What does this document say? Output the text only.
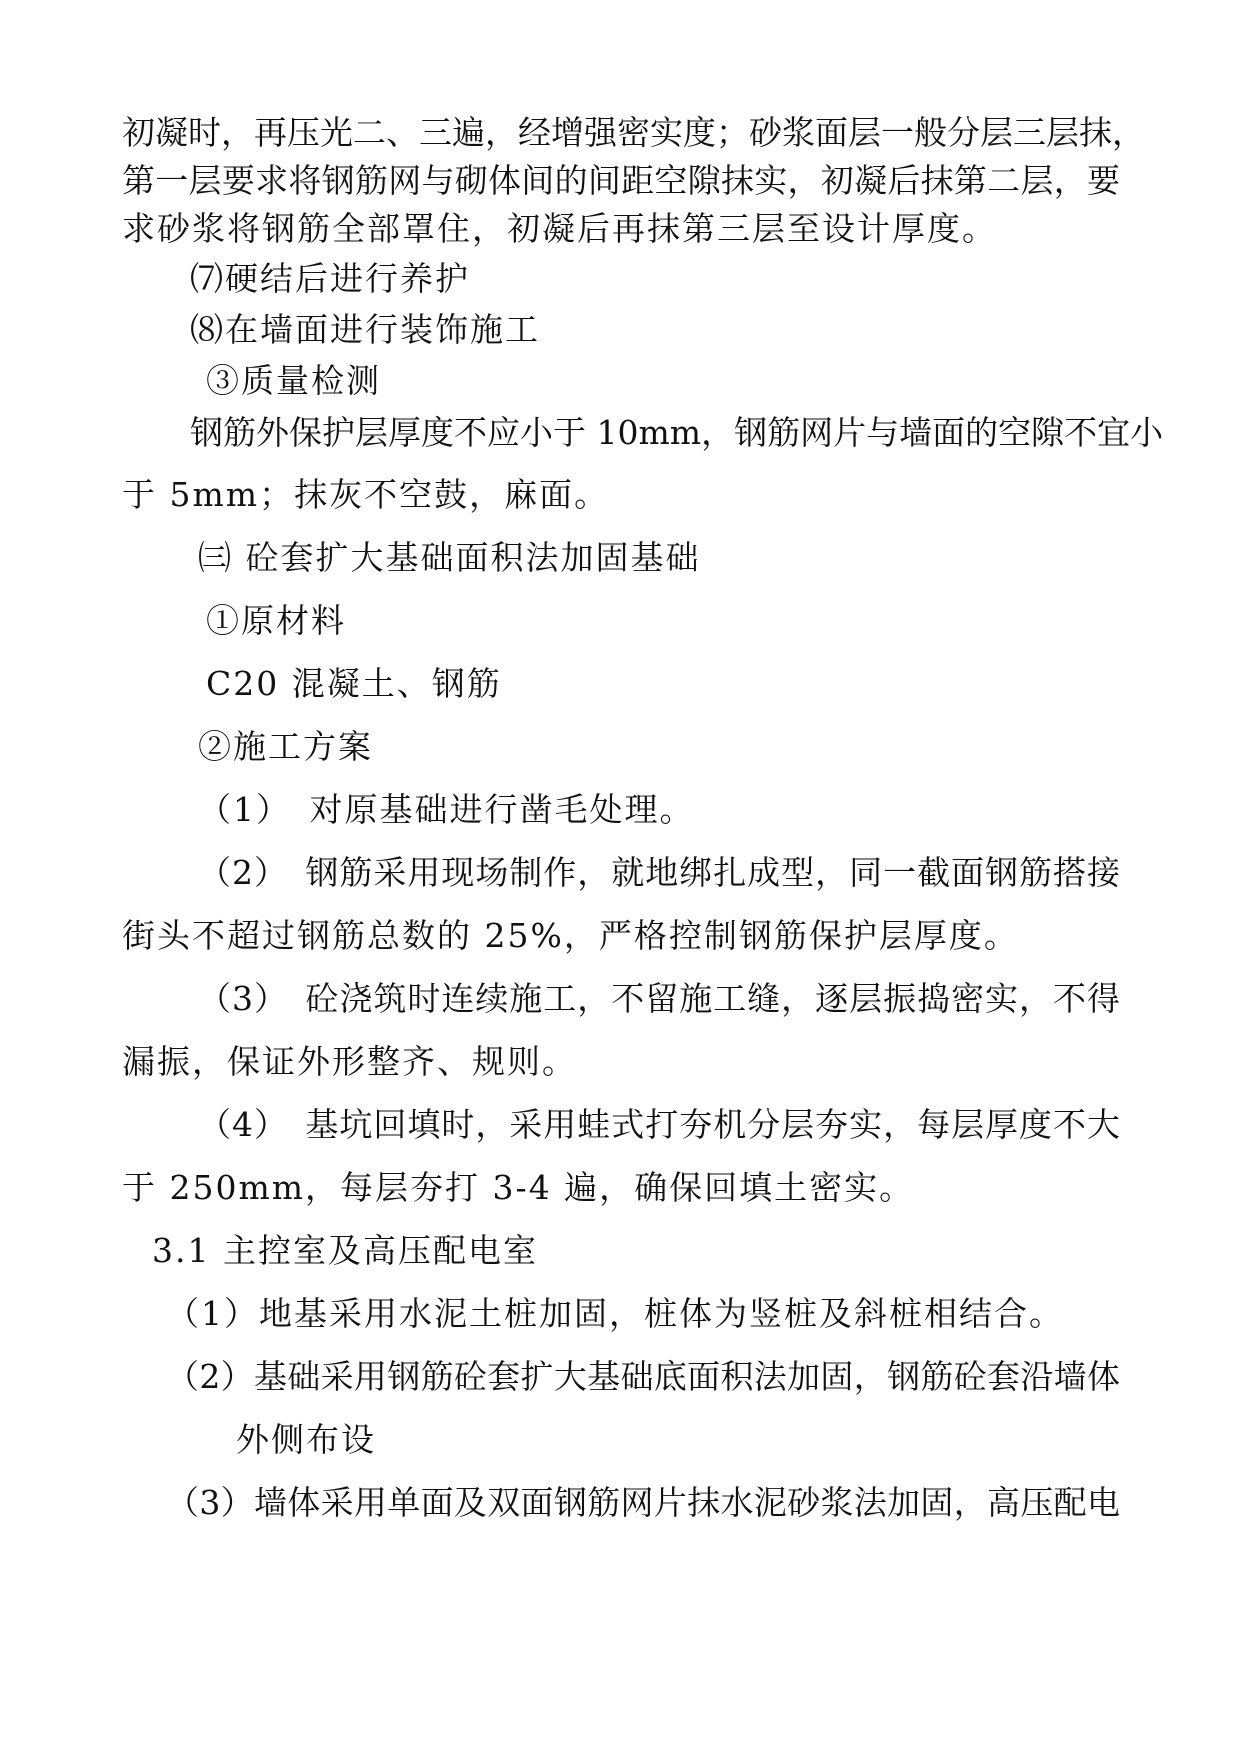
初凝时，再压光二、三遍，经增强密实度；砂浆面层一般分层三层抹，
第一层要求将钢筋网与砌体间的间距空隙抹实，初凝后抹第二层，要
求砂浆将钢筋全部罩住，初凝后再抹第三层至设计厚度。
⑺硬结后进行养护
⑻在墙面进行装饰施工
③质量检测
钢筋外保护层厚度不应小于 10mm，钢筋网片与墙面的空隙不宜小
于 5mm；抹灰不空鼓，麻面。
㈢ 砼套扩大基础面积法加固基础
①原材料
C20 混凝土、钢筋
②施工方案
（1）　对原基础进行凿毛处理。
（2）　钢筋采用现场制作，就地绑扎成型，同一截面钢筋搭接
街头不超过钢筋总数的 25%，严格控制钢筋保护层厚度。
（3）　砼浇筑时连续施工，不留施工缝，逐层振捣密实，不得
漏振，保证外形整齐、规则。
（4）　基坑回填时，采用蛙式打夯机分层夯实，每层厚度不大
于 250mm，每层夯打 3-4 遍，确保回填土密实。
3.1 主控室及高压配电室
（1）地基采用水泥土桩加固，桩体为竖桩及斜桩相结合。
（2）基础采用钢筋砼套扩大基础底面积法加固，钢筋砼套沿墙体
外侧布设
（3）墙体采用单面及双面钢筋网片抹水泥砂浆法加固，高压配电
